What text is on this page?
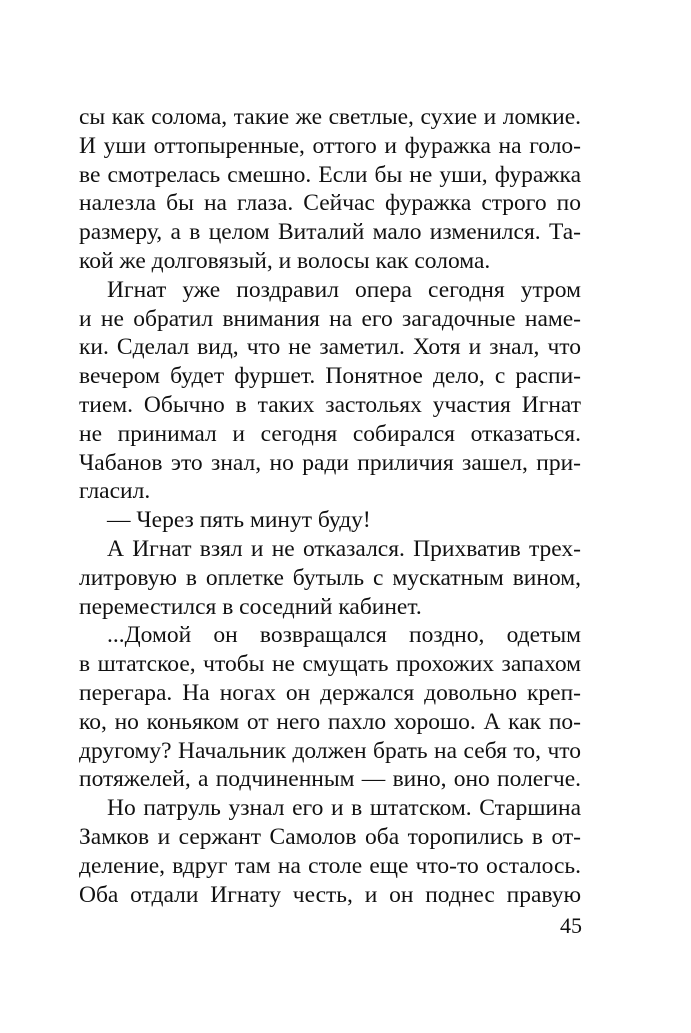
сы как солома, такие же светлые, сухие и ломкие.
И уши оттопыренные, оттого и фуражка на голо-
ве смотрелась смешно. Если бы не уши, фуражка
налезла бы на глаза. Сейчас фуражка строго по
размеру, а в целом Виталий мало изменился. Та-
кой же долговязый, и волосы как солома.
Игнат уже поздравил опера сегодня утром
и не обратил внимания на его загадочные наме-
ки. Сделал вид, что не заметил. Хотя и знал, что
вечером будет фуршет. Понятное дело, с распи-
тием. Обычно в таких застольях участия Игнат
не принимал и сегодня собирался отказаться.
Чабанов это знал, но ради приличия зашел, при-
гласил.
— Через пять минут буду!
А Игнат взял и не отказался. Прихватив трех-
литровую в оплетке бутыль с мускатным вином,
переместился в соседний кабинет.
...Домой он возвращался поздно, одетым
в штатское, чтобы не смущать прохожих запахом
перегара. На ногах он держался довольно креп-
ко, но коньяком от него пахло хорошо. А как по-
другому? Начальник должен брать на себя то, что
потяжелей, а подчиненным — вино, оно полегче.
Но патруль узнал его и в штатском. Старшина
Замков и сержант Самолов оба торопились в от-
деление, вдруг там на столе еще что-то осталось.
Оба отдали Игнату честь, и он поднес правую
45
